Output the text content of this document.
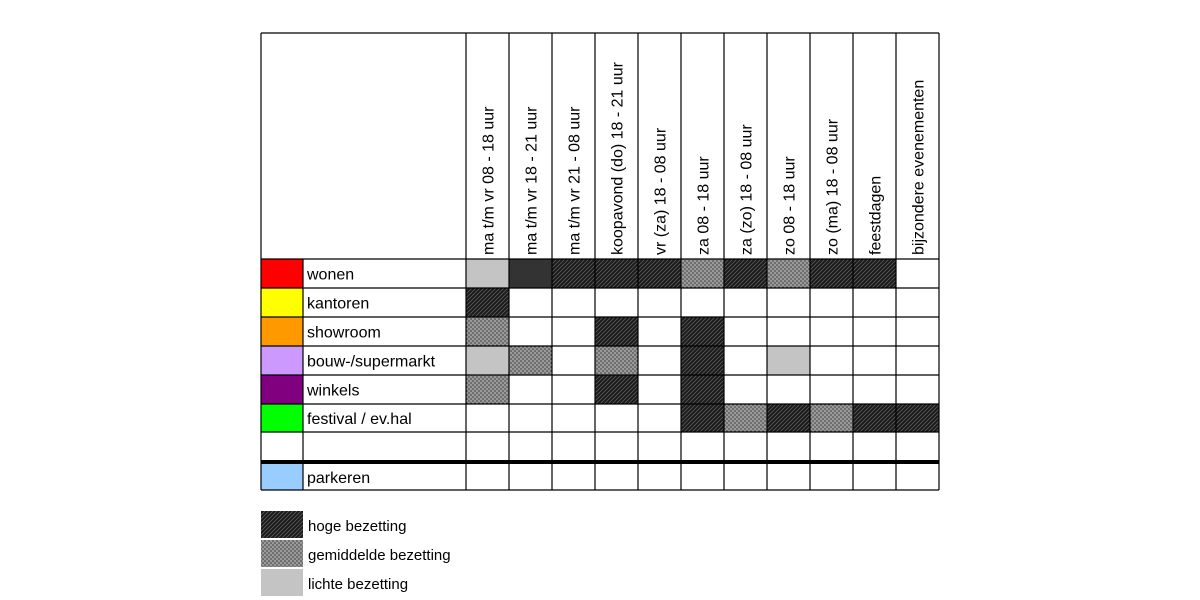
wonen
kantoren
showroom
bouw-/supermarkt
winkels
festival / ev.hal
parkeren
ma t/m vr 08 - 18 uur ma t/m vr 18 - 21 uur ma t/m vr 21 - 08 uur koopavond (do) 18 - 21 uur vr (za) 18 - 08 uur za 08 - 18 uur za (zo) 18 - 08 uur zo 08 - 18 uur zo (ma) 18 - 08 uur feestdagen bijzondere evenementen
hoge bezetting
gemiddelde bezetting
lichte bezetting
